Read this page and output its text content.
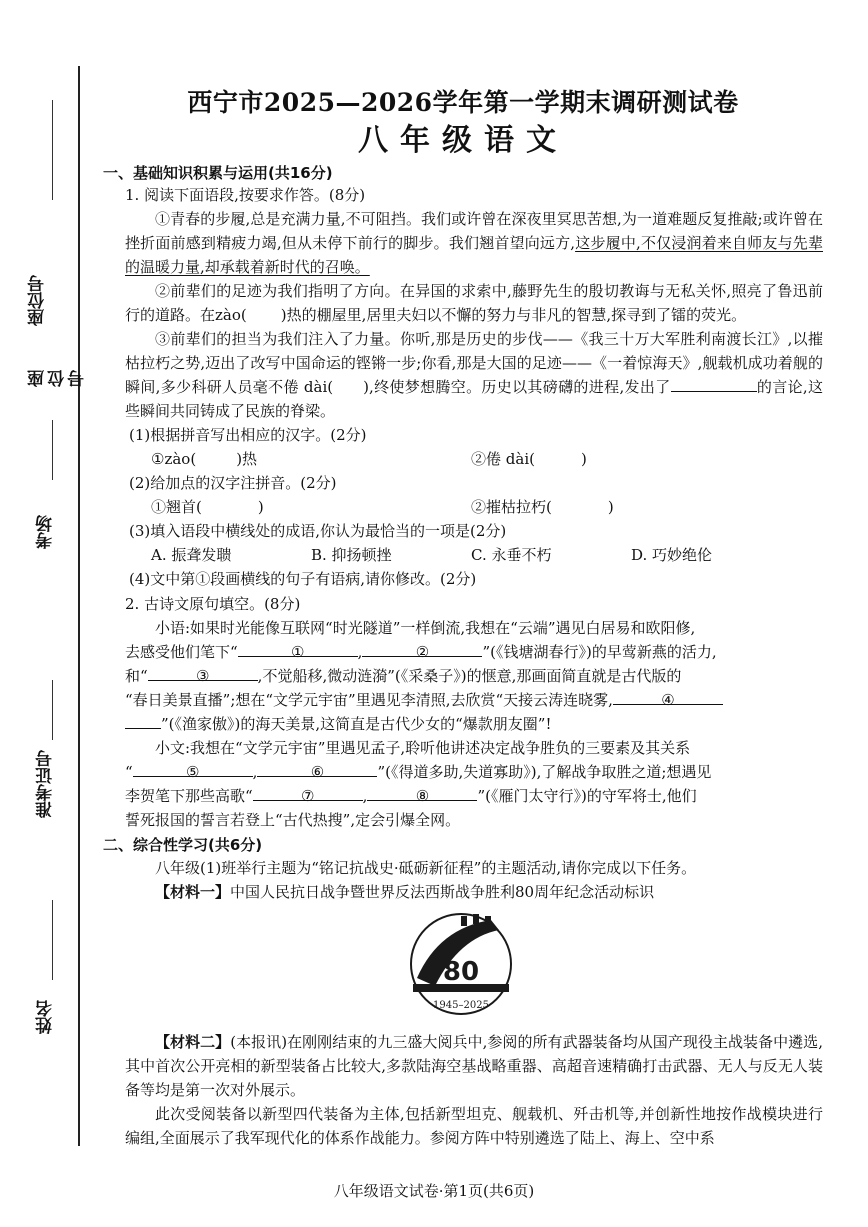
座位号
座位号
考场
准考证号
姓名
西宁市2025—2026学年第一学期末调研测试卷
八年级语文
一、基础知识积累与运用(共16分)
1. 阅读下面语段,按要求作答。(8分)
①青春的步履,总是充满力量,不可阻挡。我们或许曾在深夜里冥思苦想,为一道难题反复推敲;或许曾在挫折面前感到精疲力竭,但从未停下前行的脚步。我们翘首望向远方,这步履中,不仅浸润着来自师友与先辈的温暖力量,却承载着新时代的召唤。
②前辈们的足迹为我们指明了方向。在异国的求索中,藤野先生的殷切教诲与无私关怀,照亮了鲁迅前行的道路。在zào( )热的棚屋里,居里夫妇以不懈的努力与非凡的智慧,探寻到了镭的荧光。
③前辈们的担当为我们注入了力量。你听,那是历史的步伐——《我三十万大军胜利南渡长江》,以摧枯拉朽之势,迈出了改写中国命运的铿锵一步;你看,那是大国的足迹——《一着惊海天》,舰载机成功着舰的瞬间,多少科研人员毫不倦 dài( ),终使梦想腾空。历史以其磅礴的进程,发出了	的言论,这些瞬间共同铸成了民族的脊梁。
(1)根据拼音写出相应的汉字。(2分)
①zào(	)热	②倦 dài(	)
(2)给加点的汉字注拼音。(2分)
①翘首(	)	②摧枯拉朽(	)
(3)填入语段中横线处的成语,你认为最恰当的一项是(2分)
A. 振聋发聩	B. 抑扬顿挫	C. 永垂不朽	D. 巧妙绝伦
(4)文中第①段画横线的句子有语病,请你修改。(2分)
2. 古诗文原句填空。(8分)
小语:如果时光能像互联网“时光隧道”一样倒流,我想在“云端”遇见白居易和欧阳修,
去感受他们笔下“	①	,	②	”(《钱塘湖春行》)的早莺新燕的活力,
和“	③	,不觉船移,微动涟漪”(《采桑子》)的惬意,那画面简直就是古代版的
“春日美景直播”;想在“文学元宇宙”里遇见李清照,去欣赏“天接云涛连晓雾,	④
”(《渔家傲》)的海天美景,这简直是古代少女的“爆款朋友圈”!
小文:我想在“文学元宇宙”里遇见孟子,聆听他讲述决定战争胜负的三要素及其关系
“	⑤	,	⑥	”(《得道多助,失道寡助》),了解战争取胜之道;想遇见
李贺笔下那些高歌“	⑦	,	⑧	”(《雁门太守行》)的守军将士,他们
誓死报国的誓言若登上“古代热搜”,定会引爆全网。
二、综合性学习(共6分)
八年级(1)班举行主题为“铭记抗战史·砥砺新征程”的主题活动,请你完成以下任务。
【材料一】中国人民抗日战争暨世界反法西斯战争胜利80周年纪念活动标识
80
1945–2025
【材料二】(本报讯)在刚刚结束的九三盛大阅兵中,参阅的所有武器装备均从国产现役主战装备中遴选,其中首次公开亮相的新型装备占比较大,多款陆海空基战略重器、高超音速精确打击武器、无人与反无人装备等均是第一次对外展示。
此次受阅装备以新型四代装备为主体,包括新型坦克、舰载机、歼击机等,并创新性地按作战模块进行编组,全面展示了我军现代化的体系作战能力。参阅方阵中特别遴选了陆上、海上、空中系
八年级语文试卷·第1页(共6页)
